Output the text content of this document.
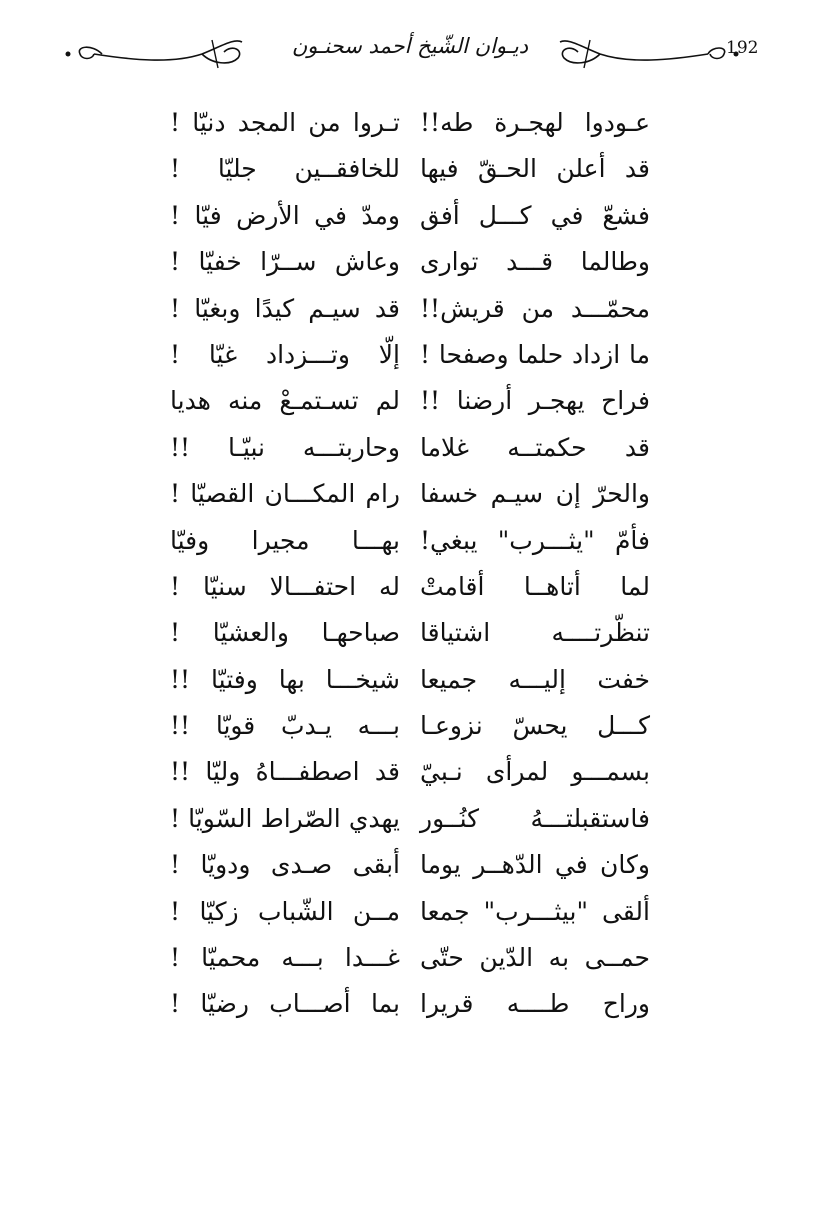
ديـوان الشّيخ أحمد سحنـون	192
عـودوا لهجـرة طه!!
تـروا من المجد دنيّا !
قد أعلن الحـقّ فيها
للخافقــين جليّا !
فشعّ في كـــل أفق
ومدّ في الأرض فيّا !
وطالما قـــد توارى
وعاش ســرّا خفيّا !
محمّـــد من قريش!!
قد سيـم كيدًا وبغيّا !
ما ازداد حلما وصفحا !
إلّا وتـــزداد غيّا !
فراح يهجـر أرضنا !!
لم تسـتمـعْ منه هديا
قد حكمتــه غلاما
وحاربتـــه نبيّـا !!
والحرّ إن سيـم خسفا
رام المكـــان القصيّا !
فأمّ "يثـــرب" يبغي!
بهـــا مجيرا وفيّا
لما أتاهــا أقامتْ
له احتفـــالا سنيّا !
تنظّرتــــه اشتياقا
صباحهـا والعشيّا !
خفت إليـــه جميعا
شيخـــا بها وفتيّا !!
كـــل يحسّ نزوعـا
بـــه يـدبّ قويّا !!
بسمـــو لمرأى نـبيّ
قد اصطفـــاهُ وليّا !!
فاستقبلتـــهُ كنُــور
يهدي الصّراط السّويّا !
وكان في الدّهــر يوما
أبقى صـدى ودويّا !
ألقى "بيثـــرب" جمعا
مــن الشّباب زكيّا !
حمــى به الدّين حتّى
غـــدا بـــه محميّا !
وراح طــــه قريرا
بما أصـــاب رضيّا !
